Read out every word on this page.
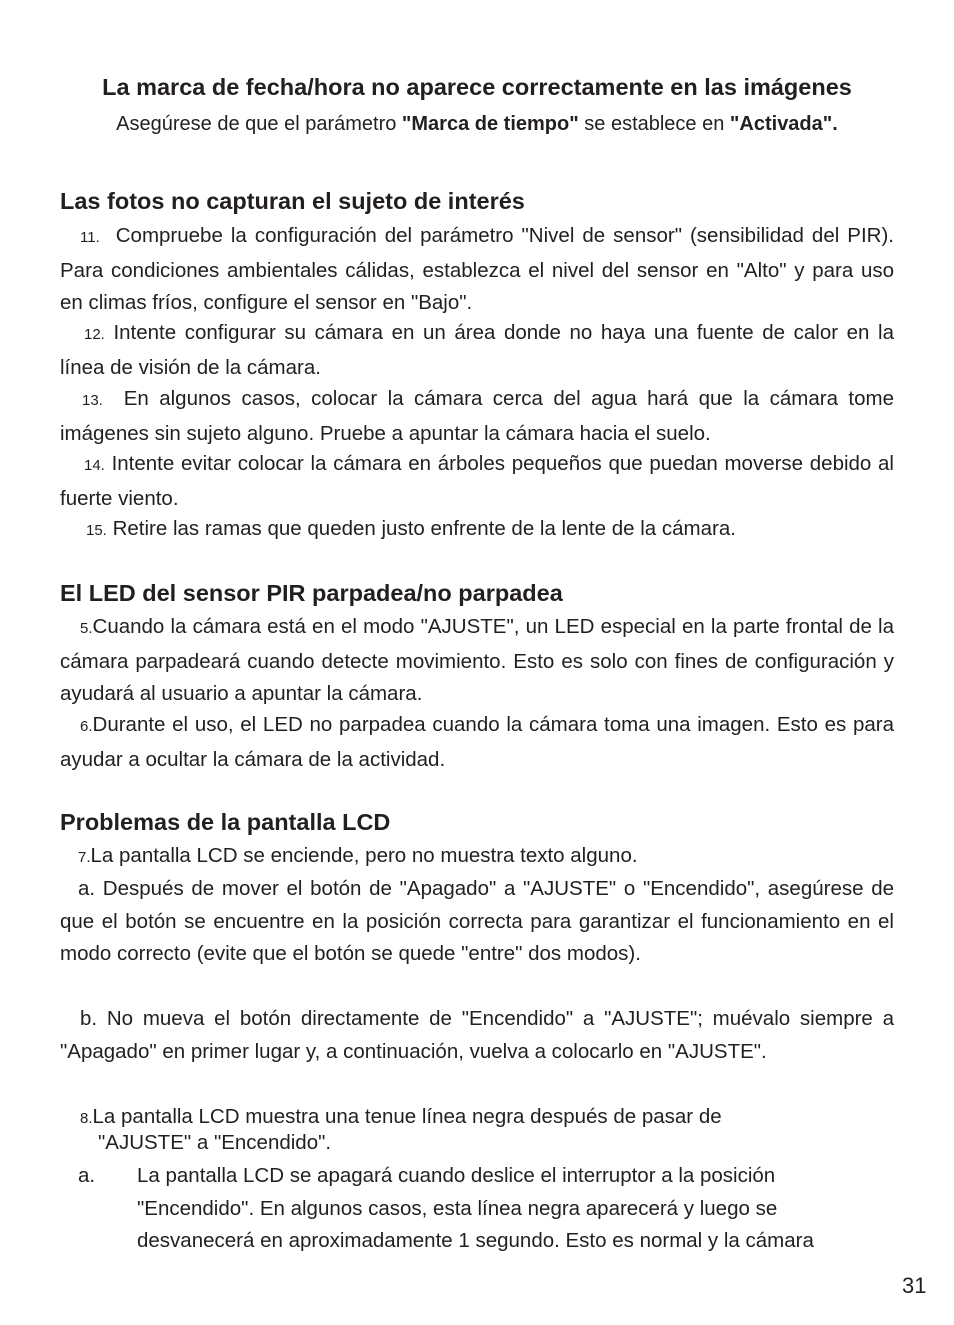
La marca de fecha/hora no aparece correctamente en las imágenes
Asegúrese de que el parámetro "Marca de tiempo" se establece en "Activada".
Las fotos no capturan el sujeto de interés

11. Compruebe la configuración del parámetro "Nivel de sensor" (sensibilidad del PIR). Para condiciones ambientales cálidas, establezca el nivel del sensor en "Alto" y para uso en climas fríos, configure el sensor en "Bajo".

12. Intente configurar su cámara en un área donde no haya una fuente de calor en la línea de visión de la cámara.

13. En algunos casos, colocar la cámara cerca del agua hará que la cámara tome imágenes sin sujeto alguno. Pruebe a apuntar la cámara hacia el suelo.

14. Intente evitar colocar la cámara en árboles pequeños que puedan moverse debido al fuerte viento.

15. Retire las ramas que queden justo enfrente de la lente de la cámara.

El LED del sensor PIR parpadea/no parpadea

5.Cuando la cámara está en el modo "AJUSTE", un LED especial en la parte frontal de la cámara parpadeará cuando detecte movimiento. Esto es solo con fines de configuración y ayudará al usuario a apuntar la cámara.

6.Durante el uso, el LED no parpadea cuando la cámara toma una imagen. Esto es para ayudar a ocultar la cámara de la actividad.

Problemas de la pantalla LCD

7.La pantalla LCD se enciende, pero no muestra texto alguno.

a. Después de mover el botón de "Apagado" a "AJUSTE" o "Encendido", asegúrese de que el botón se encuentre en la posición correcta para garantizar el funcionamiento en el modo correcto (evite que el botón se quede "entre" dos modos).

b. No mueva el botón directamente de "Encendido" a "AJUSTE"; muévalo siempre a "Apagado" en primer lugar y, a continuación, vuelva a colocarlo en "AJUSTE".

8.La pantalla LCD muestra una tenue línea negra después de pasar de
"AJUSTE" a "Encendido".
a. La pantalla LCD se apagará cuando deslice el interruptor a la posición "Encendido". En algunos casos, esta línea negra aparecerá y luego se desvanecerá en aproximadamente 1 segundo. Esto es normal y la cámara
31
